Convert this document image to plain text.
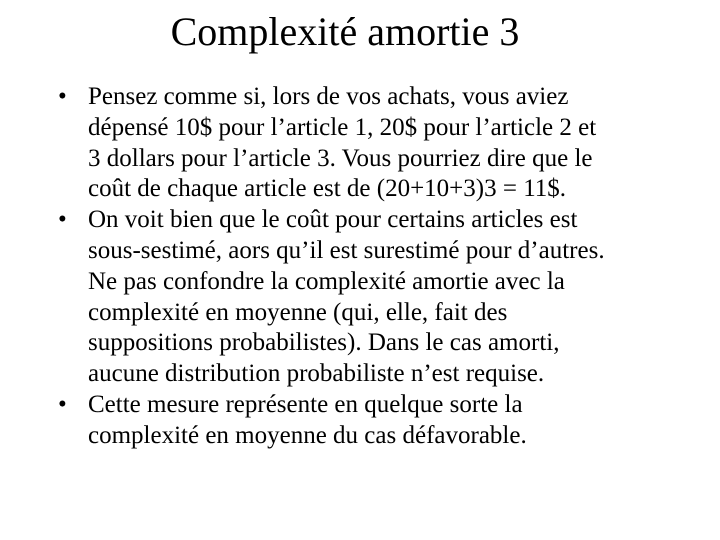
Complexité amortie 3
• Pensez comme si, lors de vos achats, vous aviez
dépensé 10$ pour l’article 1, 20$ pour l’article 2 et
3 dollars pour l’article 3. Vous pourriez dire que le
coût de chaque article est de (20+10+3)3 = 11$.
• On voit bien que le coût pour certains articles est
sous-sestimé, aors qu’il est surestimé pour d’autres.
Ne pas confondre la complexité amortie avec la
complexité en moyenne (qui, elle, fait des
suppositions probabilistes). Dans le cas amorti,
aucune distribution probabiliste n’est requise.
• Cette mesure représente en quelque sorte la
complexité en moyenne du cas défavorable.
